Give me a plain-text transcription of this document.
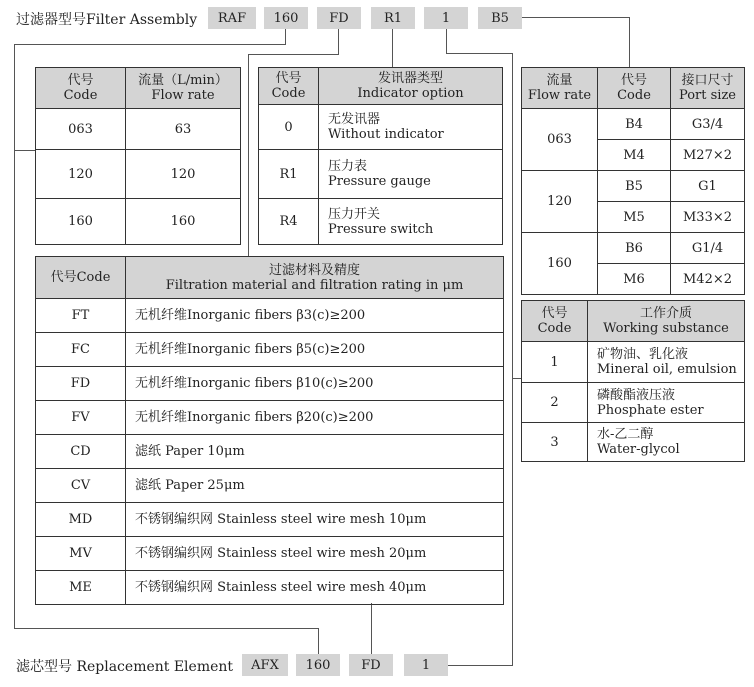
过滤器型号Filter Assembly	RAF	160	FD	R1	1	B5
滤芯型号 Replacement Element	AFX	160	FD	1
代号
Code	流量（L/min）
Flow rate
063	63
120	120
160	160
代号
Code	发讯器类型
Indicator option
0	无发讯器
Without indicator
R1	压力表
Pressure gauge
R4	压力开关
Pressure switch
流量
Flow rate	代号
Code	接口尺寸
Port size
063	B4	G3/4
	M4	M27×2
120	B5	G1
	M5	M33×2
160	B6	G1/4
	M6	M42×2
代号Code	过滤材料及精度
Filtration material and filtration rating in μm
FT	无机纤维Inorganic fibers β3(c)≥200
FC	无机纤维Inorganic fibers β5(c)≥200
FD	无机纤维Inorganic fibers β10(c)≥200
FV	无机纤维Inorganic fibers β20(c)≥200
CD	滤纸 Paper 10μm
CV	滤纸 Paper 25μm
MD	不锈钢编织网 Stainless steel wire mesh 10μm
MV	不锈钢编织网 Stainless steel wire mesh 20μm
ME	不锈钢编织网 Stainless steel wire mesh 40μm
代号
Code	工作介质
Working substance
1	矿物油、乳化液
Mineral oil, emulsion
2	磷酸酯液压液
Phosphate ester
3	水-乙二醇
Water-glycol
